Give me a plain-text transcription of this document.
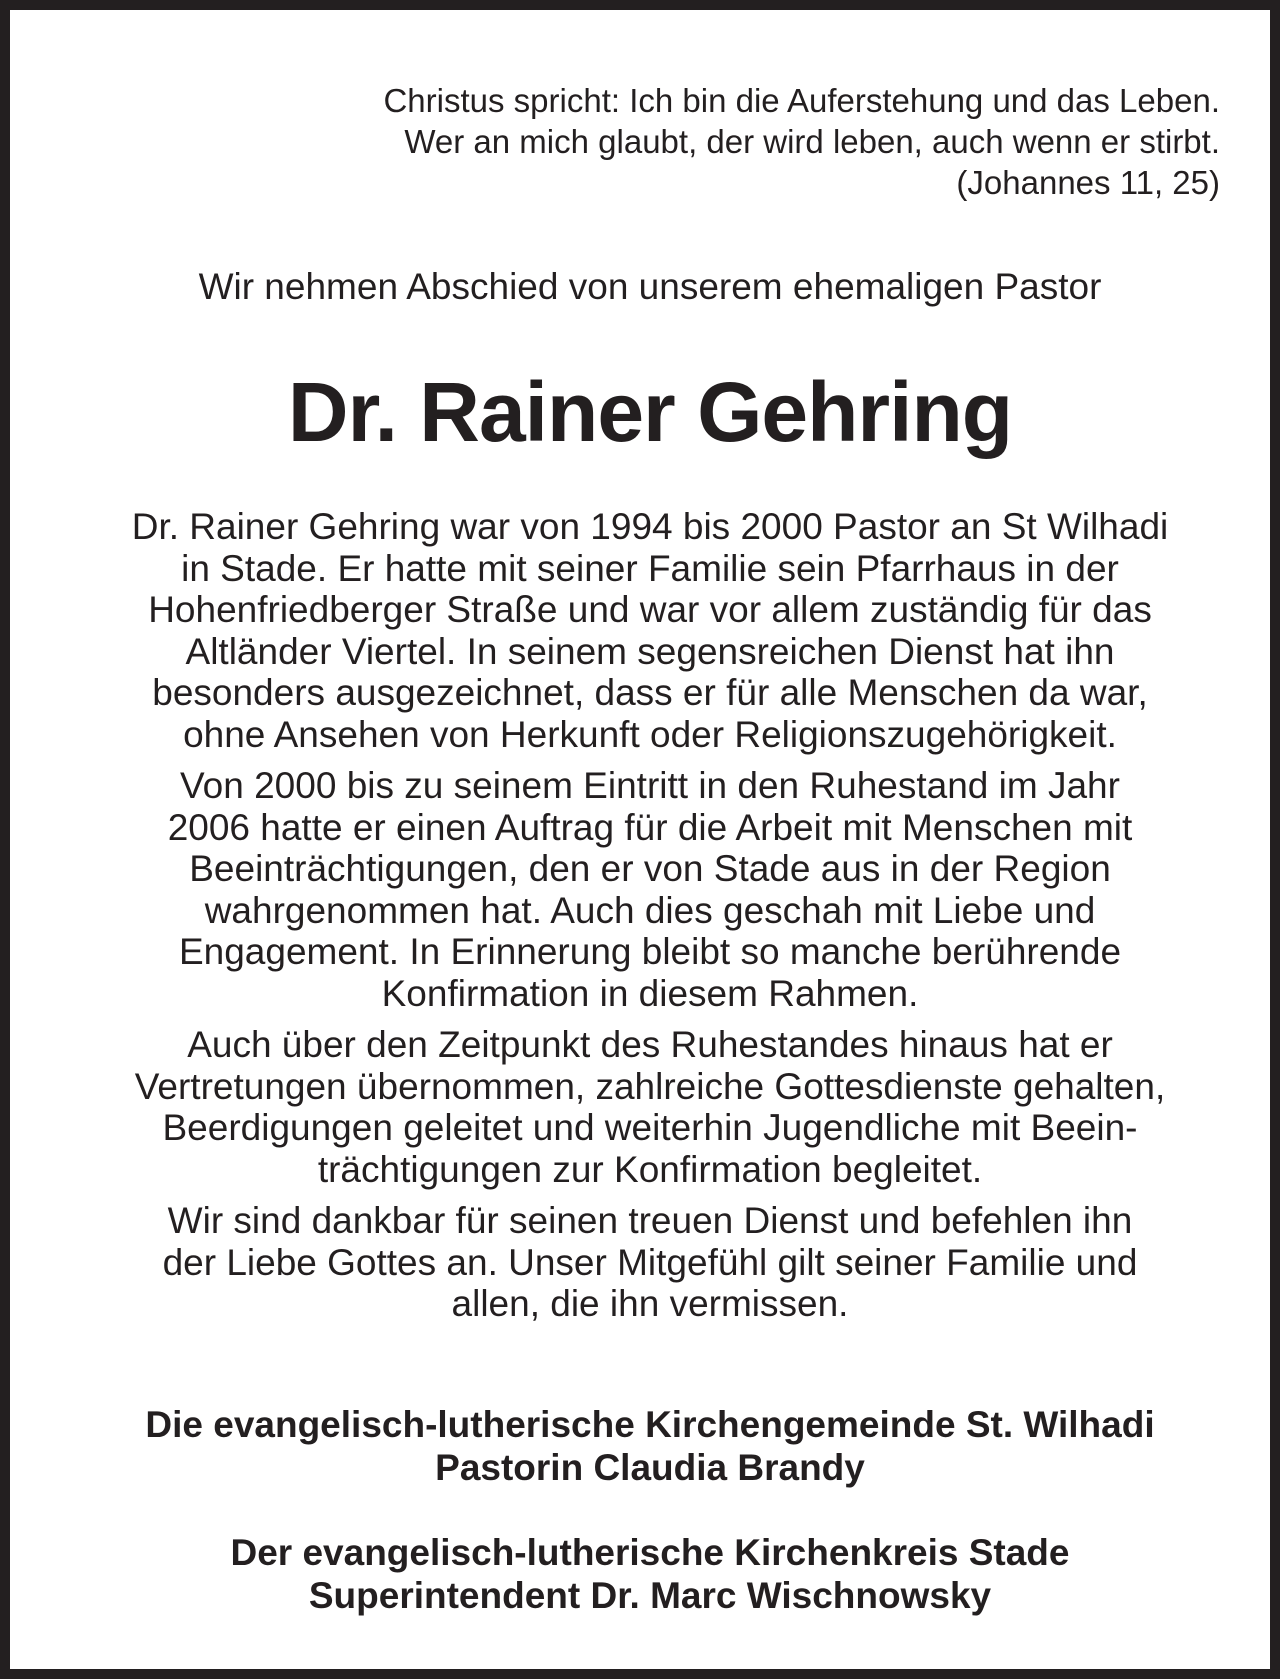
Christus spricht: Ich bin die Auferstehung und das Leben.
Wer an mich glaubt, der wird leben, auch wenn er stirbt.
(Johannes 11, 25)
Wir nehmen Abschied von unserem ehemaligen Pastor
Dr. Rainer Gehring
Dr. Rainer Gehring war von 1994 bis 2000 Pastor an St Wilhadi
in Stade. Er hatte mit seiner Familie sein Pfarrhaus in der
Hohenfriedberger Straße und war vor allem zuständig für das
Altländer Viertel. In seinem segensreichen Dienst hat ihn
besonders ausgezeichnet, dass er für alle Menschen da war,
ohne Ansehen von Herkunft oder Religionszugehörigkeit.
Von 2000 bis zu seinem Eintritt in den Ruhestand im Jahr
2006 hatte er einen Auftrag für die Arbeit mit Menschen mit
Beeinträchtigungen, den er von Stade aus in der Region
wahrgenommen hat. Auch dies geschah mit Liebe und
Engagement. In Erinnerung bleibt so manche berührende
Konfirmation in diesem Rahmen.
Auch über den Zeitpunkt des Ruhestandes hinaus hat er
Vertretungen übernommen, zahlreiche Gottesdienste gehalten,
Beerdigungen geleitet und weiterhin Jugendliche mit Beein-
trächtigungen zur Konfirmation begleitet.
Wir sind dankbar für seinen treuen Dienst und befehlen ihn
der Liebe Gottes an. Unser Mitgefühl gilt seiner Familie und
allen, die ihn vermissen.
Die evangelisch-lutherische Kirchengemeinde St. Wilhadi
Pastorin Claudia Brandy
Der evangelisch-lutherische Kirchenkreis Stade
Superintendent Dr. Marc Wischnowsky
